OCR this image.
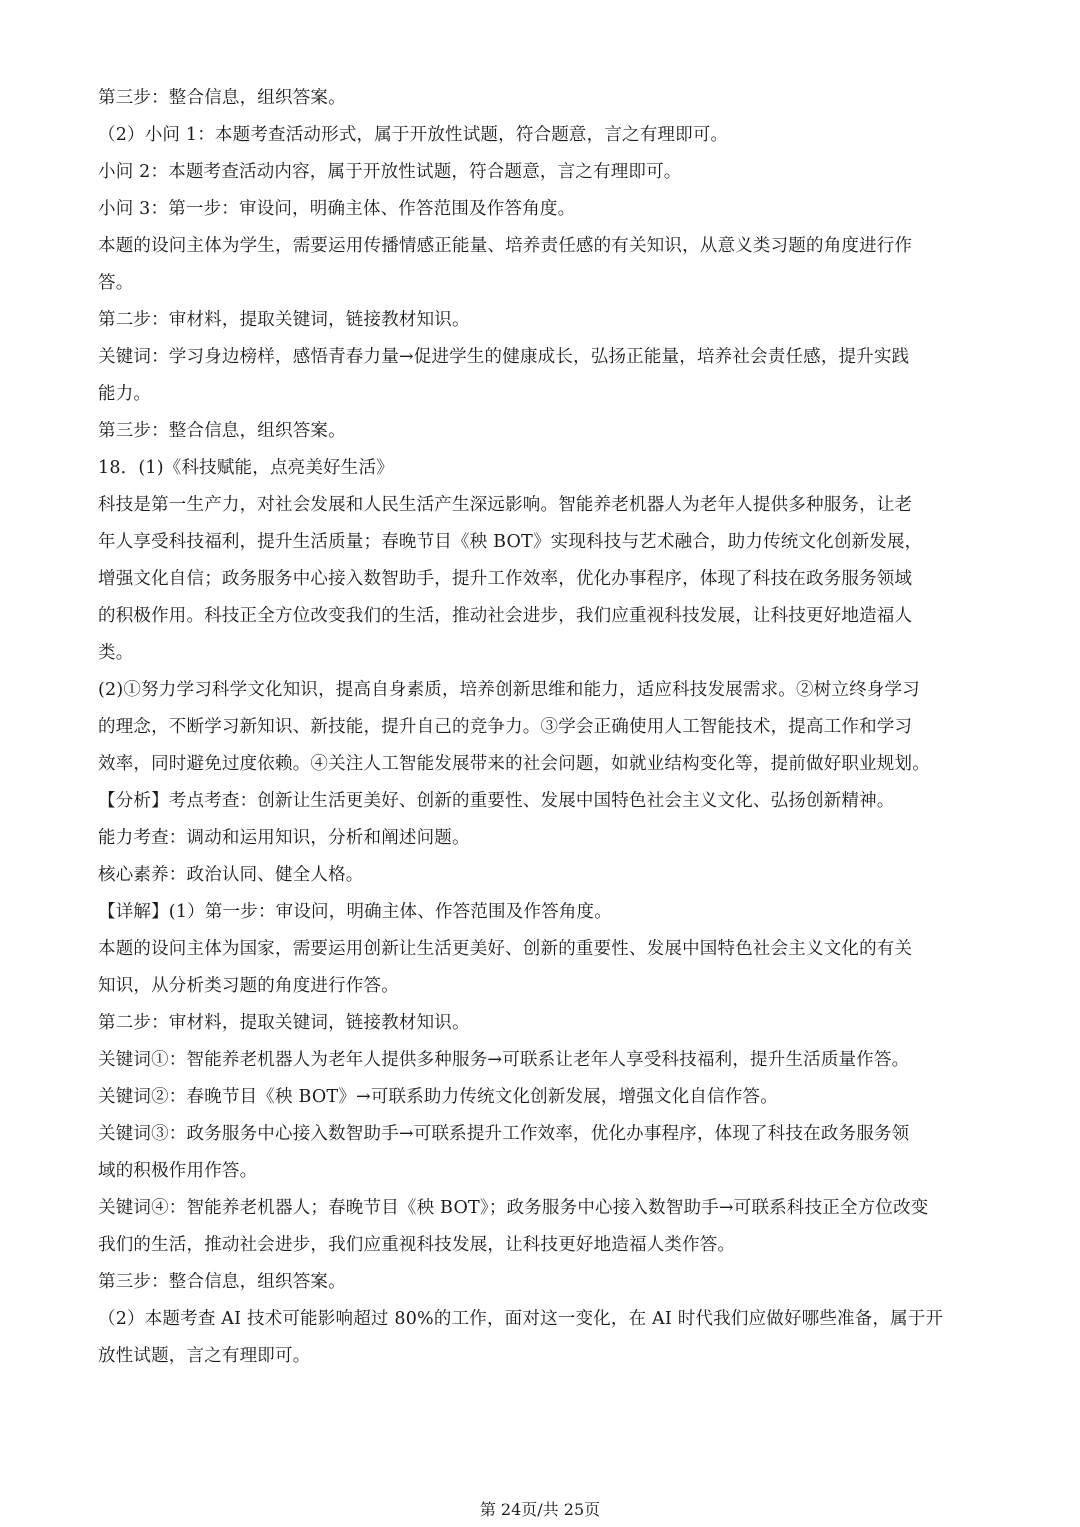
第三步：整合信息，组织答案。
（2）小问 1：本题考查活动形式，属于开放性试题，符合题意，言之有理即可。
小问 2：本题考查活动内容，属于开放性试题，符合题意，言之有理即可。
小问 3：第一步：审设问，明确主体、作答范围及作答角度。
本题的设问主体为学生，需要运用传播情感正能量、培养责任感的有关知识，从意义类习题的角度进行作
答。
第二步：审材料，提取关键词，链接教材知识。
关键词：学习身边榜样，感悟青春力量→促进学生的健康成长，弘扬正能量，培养社会责任感，提升实践
能力。
第三步：整合信息，组织答案。
18．(1)《科技赋能，点亮美好生活》
科技是第一生产力，对社会发展和人民生活产生深远影响。智能养老机器人为老年人提供多种服务，让老
年人享受科技福利，提升生活质量；春晚节目《秧 BOT》实现科技与艺术融合，助力传统文化创新发展，
增强文化自信；政务服务中心接入数智助手，提升工作效率，优化办事程序，体现了科技在政务服务领域
的积极作用。科技正全方位改变我们的生活，推动社会进步，我们应重视科技发展，让科技更好地造福人
类。
(2)①努力学习科学文化知识，提高自身素质，培养创新思维和能力，适应科技发展需求。②树立终身学习
的理念，不断学习新知识、新技能，提升自己的竞争力。③学会正确使用人工智能技术，提高工作和学习
效率，同时避免过度依赖。④关注人工智能发展带来的社会问题，如就业结构变化等，提前做好职业规划。
【分析】考点考查：创新让生活更美好、创新的重要性、发展中国特色社会主义文化、弘扬创新精神。
能力考查：调动和运用知识，分析和阐述问题。
核心素养：政治认同、健全人格。
【详解】(1）第一步：审设问，明确主体、作答范围及作答角度。
本题的设问主体为国家，需要运用创新让生活更美好、创新的重要性、发展中国特色社会主义文化的有关
知识，从分析类习题的角度进行作答。
第二步：审材料，提取关键词，链接教材知识。
关键词①：智能养老机器人为老年人提供多种服务→可联系让老年人享受科技福利，提升生活质量作答。
关键词②：春晚节目《秧 BOT》→可联系助力传统文化创新发展，增强文化自信作答。
关键词③：政务服务中心接入数智助手→可联系提升工作效率，优化办事程序，体现了科技在政务服务领
域的积极作用作答。
关键词④：智能养老机器人；春晚节目《秧 BOT》；政务服务中心接入数智助手→可联系科技正全方位改变
我们的生活，推动社会进步，我们应重视科技发展，让科技更好地造福人类作答。
第三步：整合信息，组织答案。
（2）本题考查 AI 技术可能影响超过 80%的工作，面对这一变化，在 AI 时代我们应做好哪些准备，属于开
放性试题，言之有理即可。
第 24页/共 25页
